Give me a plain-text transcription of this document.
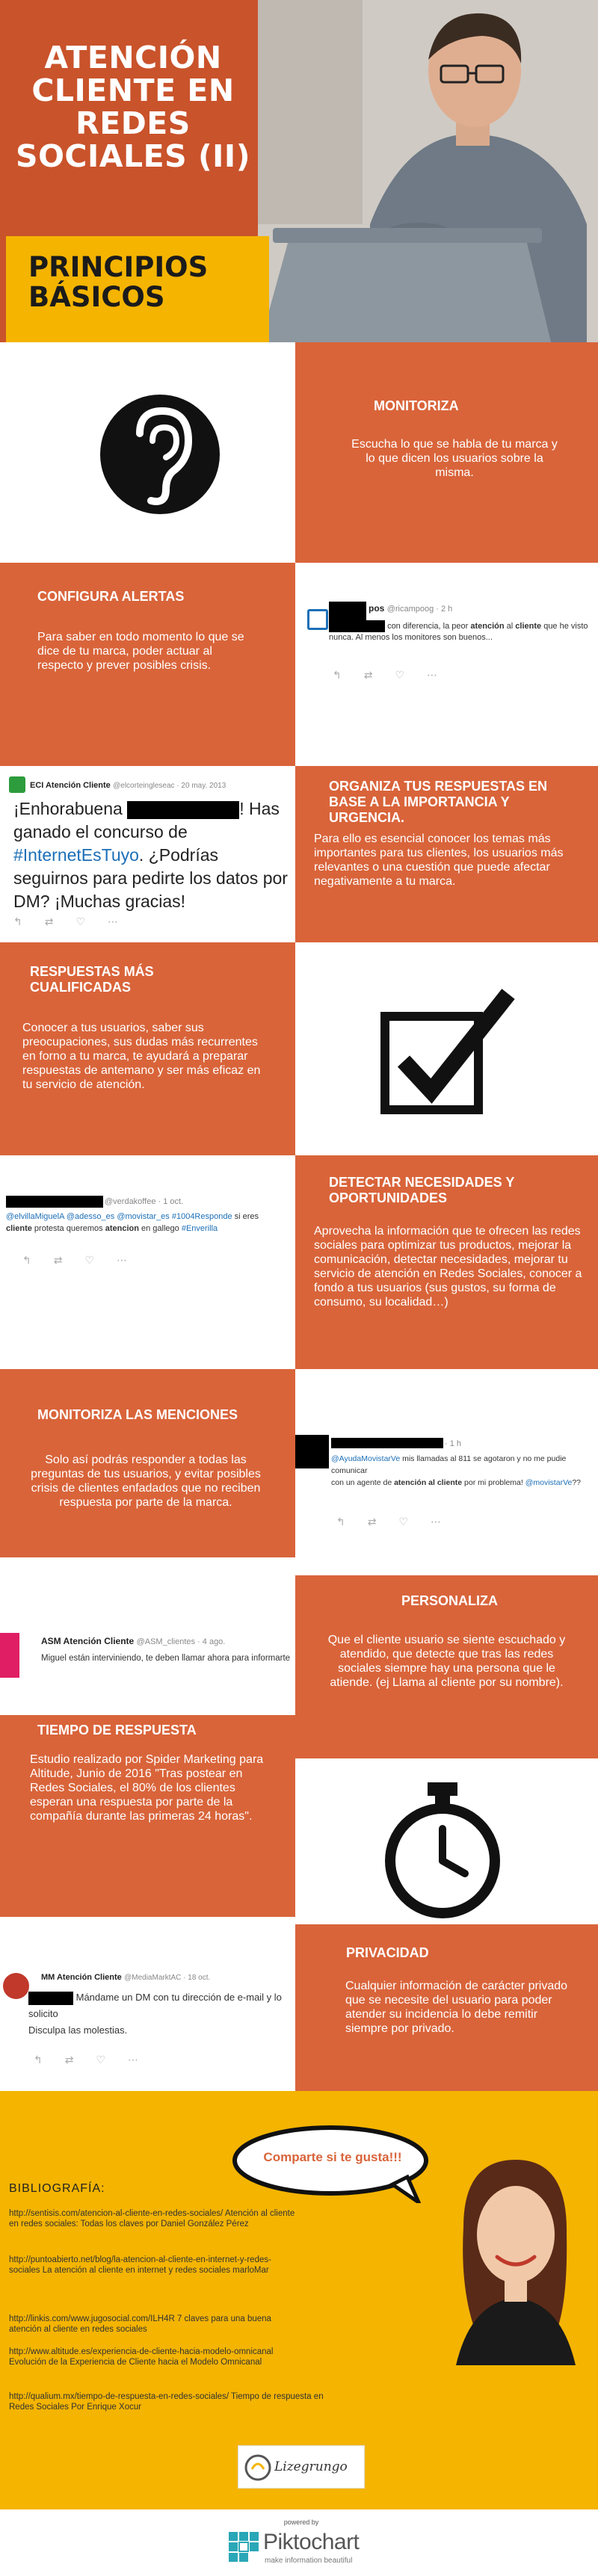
ATENCIÓN CLIENTE EN REDES SOCIALES (II)
PRINCIPIOS BÁSICOS
MONITORIZA
Escucha lo que se habla de tu marca y lo que dicen los usuarios sobre la misma.
CONFIGURA ALERTAS
Para saber en todo momento lo que se dice de tu marca, poder actuar al respecto y prever posibles crisis.
pos @ricampoog · 2 h
con diferencia, la peor atención al cliente que he visto
nunca. Al menos los monitores son buenos...
↰⇄♡⋯
ECI Atención Cliente @elcorteingleseac · 20 may. 2013
¡Enhorabuena	! Has ganado el concurso de #InternetEsTuyo. ¿Podrías seguirnos para pedirte los datos por DM? ¡Muchas gracias!
↰⇄♡⋯
ORGANIZA TUS RESPUESTAS EN BASE A LA IMPORTANCIA Y URGENCIA.
Para ello es esencial conocer los temas más importantes para tus clientes, los usuarios más relevantes o una cuestión que puede afectar negativamente a tu marca.
RESPUESTAS MÁS CUALIFICADAS
Conocer a tus usuarios, saber sus preocupaciones, sus dudas más recurrentes en forno a tu marca, te ayudará a preparar respuestas de antemano y ser más eficaz en tu servicio de atención.
@verdakoffee · 1 oct.
@elvillaMiguelA @adesso_es @movistar_es #1004Responde si eres
cliente protesta queremos atencion en gallego #Enverilla
↰⇄♡⋯
DETECTAR NECESIDADES Y OPORTUNIDADES
Aprovecha la información que te ofrecen las redes sociales para optimizar tus productos, mejorar la comunicación, detectar necesidades, mejorar tu servicio de atención en Redes Sociales, conocer a fondo a tus usuarios (sus gustos, su forma de consumo, su localidad…)
MONITORIZA LAS MENCIONES
Solo así podrás responder a todas las preguntas de tus usuarios, y evitar posibles crisis de clientes enfadados que no reciben respuesta por parte de la marca.
· 1 h
@AyudaMovistarVe mis llamadas al 811 se agotaron y no me pudie comunicar
con un agente de atención al cliente por mi problema! @movistarVe??
↰⇄♡⋯
ASM Atención Cliente @ASM_clientes · 4 ago.
Miguel están interviniendo, te deben llamar ahora para informarte
PERSONALIZA
Que el cliente usuario se siente escuchado y atendido, que detecte que tras las redes sociales siempre hay una persona que le atiende. (ej Llama al cliente por su nombre).
TIEMPO DE RESPUESTA
Estudio realizado por Spider Marketing para Altitude, Junio de 2016 "Tras postear en Redes Sociales, el 80% de los clientes esperan una respuesta por parte de la compañía durante las primeras 24 horas".
MM Atención Cliente @MediaMarktAC · 18 oct.
Mándame un DM con tu dirección de e-mail y lo solicito
Disculpa las molestias.
↰⇄♡⋯
PRIVACIDAD
Cualquier información de carácter privado que se necesite del usuario para poder atender su incidencia lo debe remitir siempre por privado.
Comparte si te gusta!!!
BIBLIOGRAFÍA:
http://sentisis.com/atencion-al-cliente-en-redes-sociales/ Atención al cliente en redes sociales: Todas los claves por Daniel González Pérez
http://puntoabierto.net/blog/la-atencion-al-cliente-en-internet-y-redes-sociales La atención al cliente en internet y redes sociales marloMar
http://linkis.com/www.jugosocial.com/ILH4R 7 claves para una buena atención al cliente en redes sociales
http://www.altitude.es/experiencia-de-cliente-hacia-modelo-omnicanal Evolución de la Experiencia de Cliente hacia el Modelo Omnicanal
http://qualium.mx/tiempo-de-respuesta-en-redes-sociales/ Tiempo de respuesta en Redes Sociales Por Enrique Xocur
Lizegrungo
powered by
Piktochart
make information beautiful
